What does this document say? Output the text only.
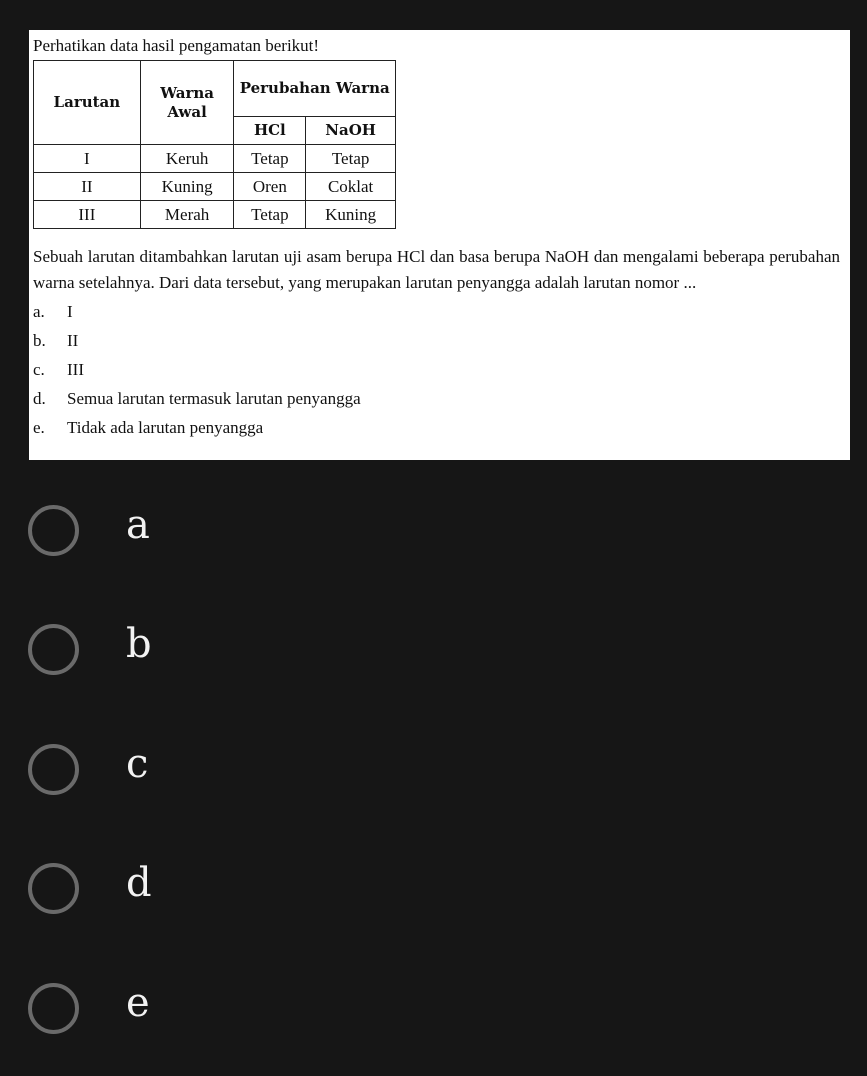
Perhatikan data hasil pengamatan berikut!
Larutan	Warna Awal	Perubahan Warna	
		HCl	NaOH
I	Keruh	Tetap	Tetap
II	Kuning	Oren	Coklat
III	Merah	Tetap	Kuning
Sebuah larutan ditambahkan larutan uji asam berupa HCl dan basa berupa NaOH dan mengalami beberapa perubahan warna setelahnya. Dari data tersebut, yang merupakan larutan penyangga adalah larutan nomor ...
a.	I
b.	II
c.	III
d.	Semua larutan termasuk larutan penyangga
e.	Tidak ada larutan penyangga
a
b
c
d
e
